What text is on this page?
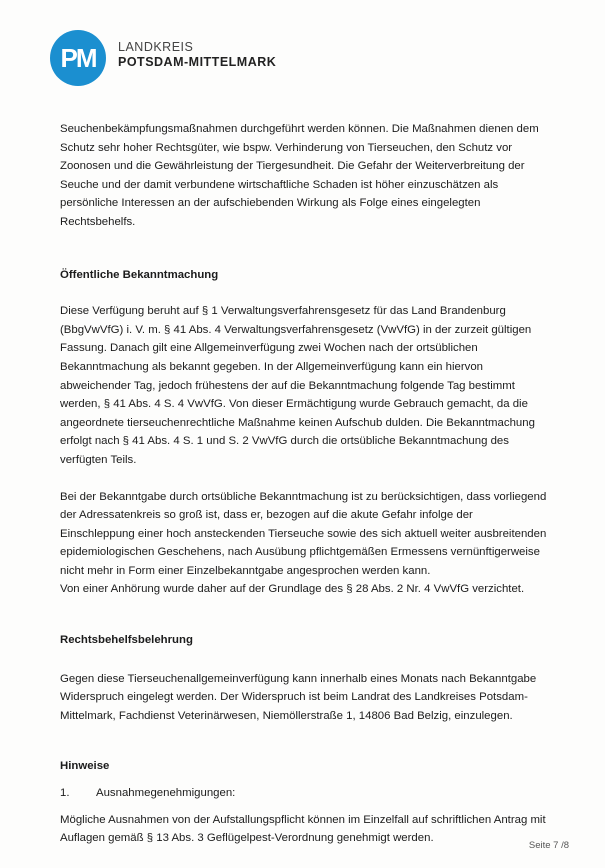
PM LANDKREIS
POTSDAM-MITTELMARK

Seuchenbekämpfungsmaßnahmen durchgeführt werden können. Die Maßnahmen dienen dem Schutz sehr hoher Rechtsgüter, wie bspw. Verhinderung von Tierseuchen, den Schutz vor Zoonosen und die Gewährleistung der Tiergesundheit. Die Gefahr der Weiterverbreitung der Seuche und der damit verbundene wirtschaftliche Schaden ist höher einzuschätzen als persönliche Interessen an der aufschiebenden Wirkung als Folge eines eingelegten Rechtsbehelfs.

Öffentliche Bekanntmachung

Diese Verfügung beruht auf § 1 Verwaltungsverfahrensgesetz für das Land Brandenburg (BbgVwVfG) i. V. m. § 41 Abs. 4 Verwaltungsverfahrensgesetz (VwVfG) in der zurzeit gültigen Fassung. Danach gilt eine Allgemeinverfügung zwei Wochen nach der ortsüblichen Bekanntmachung als bekannt gegeben. In der Allgemeinverfügung kann ein hiervon abweichender Tag, jedoch frühestens der auf die Bekanntmachung folgende Tag bestimmt werden, § 41 Abs. 4 S. 4 VwVfG. Von dieser Ermächtigung wurde Gebrauch gemacht, da die angeordnete tierseuchenrechtliche Maßnahme keinen Aufschub dulden. Die Bekanntmachung erfolgt nach § 41 Abs. 4 S. 1 und S. 2 VwVfG durch die ortsübliche Bekanntmachung des verfügten Teils.

Bei der Bekanntgabe durch ortsübliche Bekanntmachung ist zu berücksichtigen, dass vorliegend der Adressatenkreis so groß ist, dass er, bezogen auf die akute Gefahr infolge der Einschleppung einer hoch ansteckenden Tierseuche sowie des sich aktuell weiter ausbreitenden epidemiologischen Geschehens, nach Ausübung pflichtgemäßen Ermessens vernünftigerweise nicht mehr in Form einer Einzelbekanntgabe angesprochen werden kann.

Von einer Anhörung wurde daher auf der Grundlage des § 28 Abs. 2 Nr. 4 VwVfG verzichtet.

Rechtsbehelfsbelehrung

Gegen diese Tierseuchenallgemeinverfügung kann innerhalb eines Monats nach Bekanntgabe Widerspruch eingelegt werden. Der Widerspruch ist beim Landrat des Landkreises Potsdam-Mittelmark, Fachdienst Veterinärwesen, Niemöllerstraße 1, 14806 Bad Belzig, einzulegen.

Hinweise

1.	Ausnahmegenehmigungen:

Mögliche Ausnahmen von der Aufstallungspflicht können im Einzelfall auf schriftlichen Antrag mit Auflagen gemäß § 13 Abs. 3 Geflügelpest-Verordnung genehmigt werden.

Seite 7 /8
